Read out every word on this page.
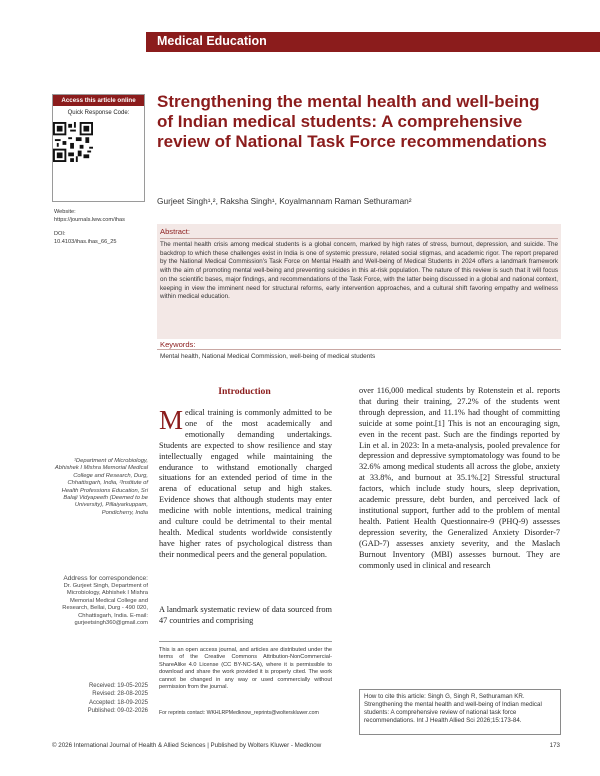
Medical Education
Access this article online
Quick Response Code:
Website:
https://journals.lww.com/ihas
DOI:
10.4103/ihas.ihas_66_25
Strengthening the mental health and well-being of Indian medical students: A comprehensive review of National Task Force recommendations
Gurjeet Singh¹,², Raksha Singh¹, Koyalmannam Raman Sethuraman²
Abstract:

The mental health crisis among medical students is a global concern, marked by high rates of stress, burnout, depression, and suicide. The backdrop to which these challenges exist in India is one of systemic pressure, related social stigmas, and academic rigor. The report prepared by the National Medical Commission's Task Force on Mental Health and Well-being of Medical Students in 2024 offers a landmark framework with the aim of promoting mental well-being and preventing suicides in this at-risk population. The nature of this review is such that it will focus on the scientific bases, major findings, and recommendations of the Task Force, with the latter being discussed in a global and national context, keeping in view the imminent need for structural reforms, early intervention approaches, and a cultural shift favoring empathy and wellness within medical education.

Keywords:
Mental health, National Medical Commission, well-being of medical students
¹Department of Microbiology, Abhishek I Mishra Memorial Medical College and Research, Durg, Chhattisgarh, India, ²Institute of Health Professions Education, Sri Balaji Vidyapeeth (Deemed to be University), Pillaiyarkuppam, Pondicherry, India
Address for correspondence:
Dr. Gurjeet Singh, Department of Microbiology, Abhishek I Mishra Memorial Medical College and Research, Bellai, Durg - 490 020, Chhattisgarh, India. E-mail: gurjeetsingh360@gmail.com
Received: 19-05-2025
Revised: 28-08-2025
Accepted: 18-09-2025
Published: 09-02-2026
Introduction
Medical training is commonly admitted to be one of the most academically and emotionally demanding undertakings. Students are expected to show resilience and stay intellectually engaged while maintaining the endurance to withstand emotionally charged situations for an extended period of time in the arena of educational setup and high stakes. Evidence shows that although students may enter medicine with noble intentions, medical training and culture could be detrimental to their mental health. Medical students worldwide consistently have higher rates of psychological distress than their nonmedical peers and the general population.
A landmark systematic review of data sourced from 47 countries and comprising
This is an open access journal, and articles are distributed under the terms of the Creative Commons Attribution-NonCommercial-ShareAlike 4.0 License (CC BY-NC-SA), where it is permissible to download and share the work provided it is properly cited. The work cannot be changed in any way or used commercially without permission from the journal.
For reprints contact: WKHLRPMedknow_reprints@wolterskluwer.com
over 116,000 medical students by Rotenstein et al. reports that during their training, 27.2% of the students went through depression, and 11.1% had thought of committing suicide at some point.[1] This is not an encouraging sign, even in the recent past. Such are the findings reported by Lin et al. in 2023: In a meta-analysis, pooled prevalence for depression and depressive symptomatology was found to be 32.6% among medical students all across the globe, anxiety at 33.8%, and burnout at 35.1%.[2] Stressful structural factors, which include study hours, sleep deprivation, academic pressure, debt burden, and perceived lack of institutional support, further add to the problem of mental health. Patient Health Questionnaire-9 (PHQ-9) assesses depression severity, the Generalized Anxiety Disorder-7 (GAD-7) assesses anxiety severity, and the Maslach Burnout Inventory (MBI) assesses burnout. They are commonly used in clinical and research
How to cite this article: Singh G, Singh R, Sethuraman KR. Strengthening the mental health and well-being of Indian medical students: A comprehensive review of national task force recommendations. Int J Health Allied Sci 2026;15:173-84.
© 2026 International Journal of Health & Allied Sciences | Published by Wolters Kluwer - Medknow	173
